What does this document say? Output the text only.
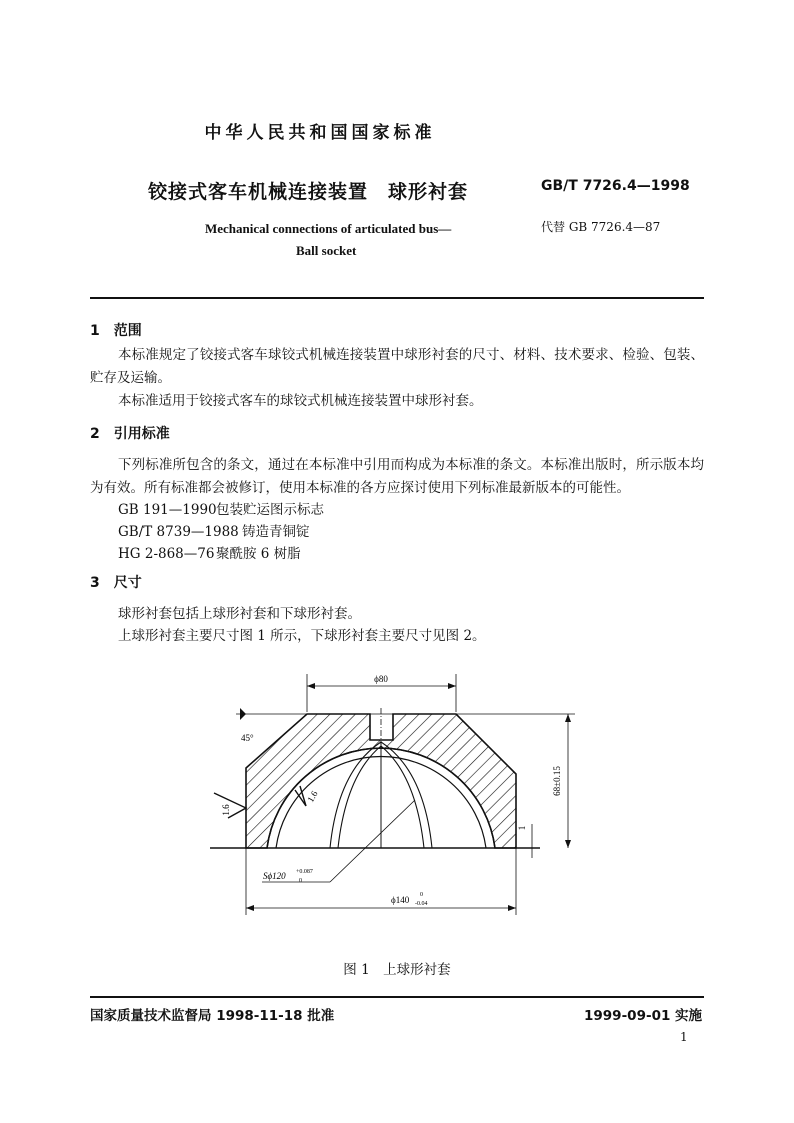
中华人民共和国国家标准
铰接式客车机械连接装置　球形衬套	GB/T 7726.4—1998
Mechanical connections of articulated bus—
Ball socket
代替 GB 7726.4—87
1　范围
本标准规定了铰接式客车球铰式机械连接装置中球形衬套的尺寸、材料、技术要求、检验、包装、贮存及运输。
本标准适用于铰接式客车的球铰式机械连接装置中球形衬套。
2　引用标准
下列标准所包含的条文，通过在本标准中引用而构成为本标准的条文。本标准出版时，所示版本均为有效。所有标准都会被修订，使用本标准的各方应探讨使用下列标准最新版本的可能性。
GB 191—1990包装贮运图示标志
GB/T 8739—1988 铸造青铜锭
HG 2-868—76 聚酰胺 6 树脂
3　尺寸
球形衬套包括上球形衬套和下球形衬套。
上球形衬套主要尺寸图 1 所示，下球形衬套主要尺寸见图 2。
ϕ80
45°
68±0.15
1
1.6
1.6
Sϕ120 +0.087
0
ϕ140 0
-0.04
图 1　上球形衬套
国家质量技术监督局 1998-11-18 批准	1999-09-01 实施
1
